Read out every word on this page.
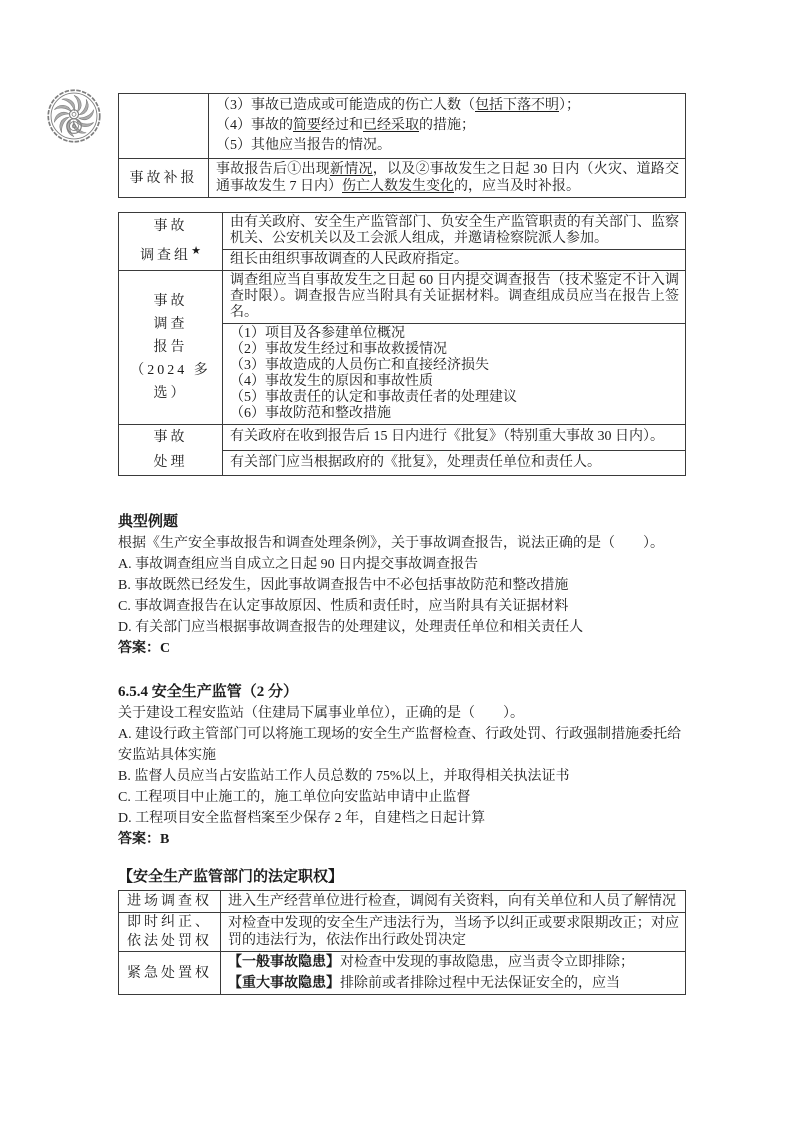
	（3）事故已造成或可能造成的伤亡人数（包括下落不明）；
（4）事故的简要经过和已经采取的措施；
（5）其他应当报告的情况。

事故补报	事故报告后①出现新情况，以及②事故发生之日起 30 日内（火灾、道路交通事故发生 7 日内）伤亡人数发生变化的，应当及时补报。
事故
调查组★	由有关政府、安全生产监管部门、负安全生产监管职责的有关部门、监察机关、公安机关以及工会派人组成，并邀请检察院派人参加。
	组长由组织事故调查的人民政府指定。

事故
调查
报告
（2024 多
选）	调查组应当自事故发生之日起 60 日内提交调查报告（技术鉴定不计入调查时限）。调查报告应当附具有关证据材料。调查组成员应当在报告上签名。

（1）项目及各参建单位概况
（2）事故发生经过和事故救援情况
（3）事故造成的人员伤亡和直接经济损失
（4）事故发生的原因和事故性质
（5）事故责任的认定和事故责任者的处理建议
（6）事故防范和整改措施

事故
处理	有关政府在收到报告后 15 日内进行《批复》（特别重大事故 30 日内）。
	有关部门应当根据政府的《批复》，处理责任单位和责任人。
典型例题
根据《生产安全事故报告和调查处理条例》，关于事故调查报告，说法正确的是（　　）。
A. 事故调查组应当自成立之日起 90 日内提交事故调查报告
B. 事故既然已经发生，因此事故调查报告中不必包括事故防范和整改措施
C. 事故调查报告在认定事故原因、性质和责任时，应当附具有关证据材料
D. 有关部门应当根据事故调查报告的处理建议，处理责任单位和相关责任人
答案：C
6.5.4 安全生产监管（2 分）
关于建设工程安监站（住建局下属事业单位），正确的是（　　）。
A. 建设行政主管部门可以将施工现场的安全生产监督检查、行政处罚、行政强制措施委托给安监站具体实施
B. 监督人员应当占安监站工作人员总数的 75%以上，并取得相关执法证书
C. 工程项目中止施工的，施工单位向安监站申请中止监督
D. 工程项目安全监督档案至少保存 2 年，自建档之日起计算
答案：B
【安全生产监管部门的法定职权】
进场调查权	进入生产经营单位进行检查，调阅有关资料，向有关单位和人员了解情况
即时纠正、依法处罚权	对检查中发现的安全生产违法行为，当场予以纠正或要求限期改正；对应罚的违法行为，依法作出行政处罚决定
紧急处置权	【一般事故隐患】对检查中发现的事故隐患，应当责令立即排除；
【重大事故隐患】排除前或者排除过程中无法保证安全的，应当
